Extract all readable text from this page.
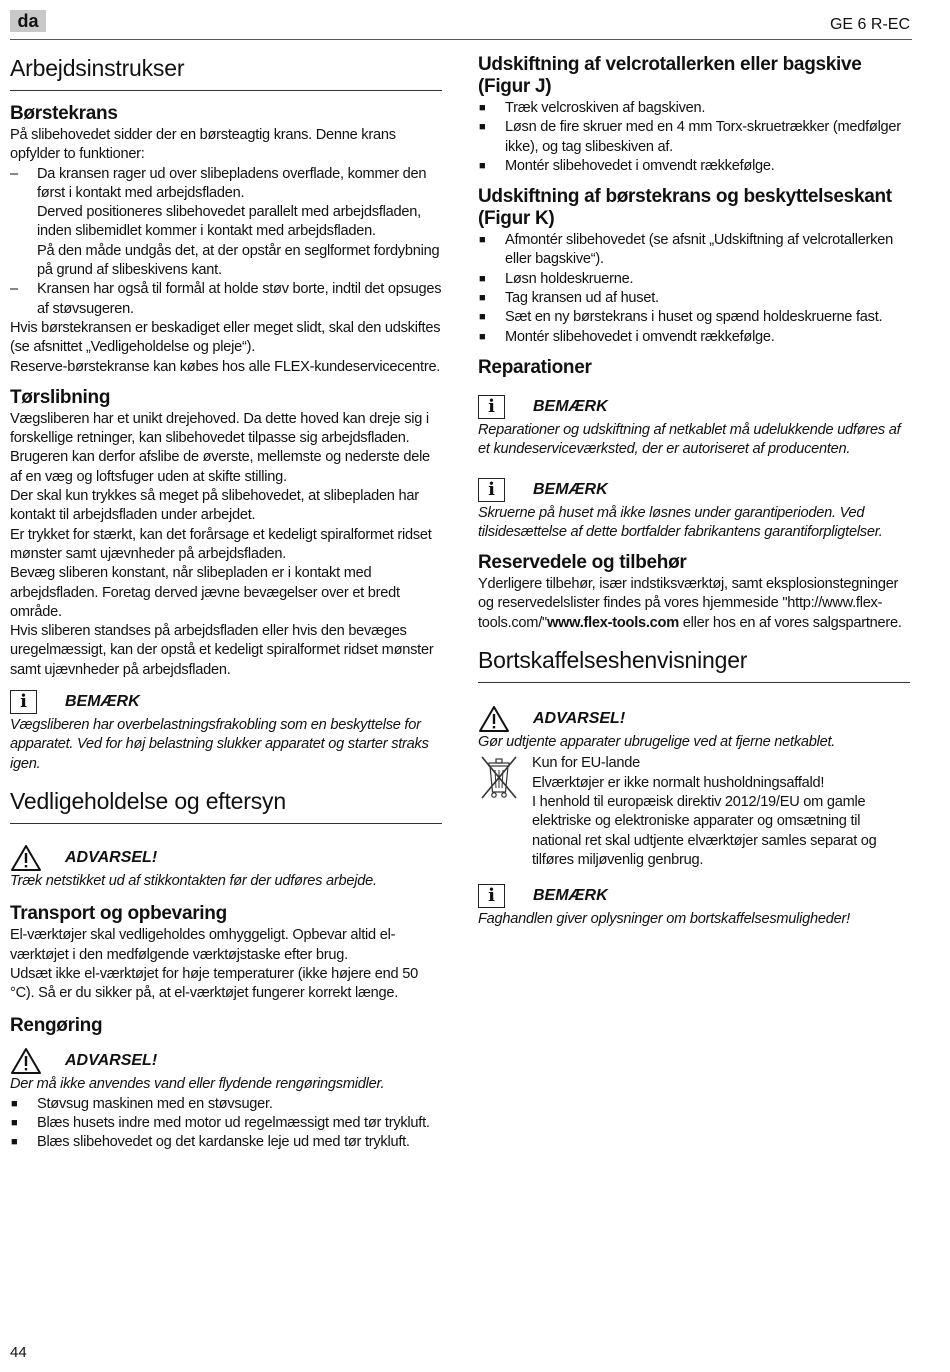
da	GE 6 R-EC
Arbejdsinstrukser
Børstekrans

På slibehovedet sidder der en børsteagtig krans. Denne krans opfylder to funktioner:

– Da kransen rager ud over slibepladens overflade, kommer den først i kontakt med arbejdsfladen.

Derved positioneres slibehovedet parallelt med arbejdsfladen, inden slibemidlet kommer i kontakt med arbejdsfladen.

På den måde undgås det, at der opstår en seglformet fordybning på grund af slibeskivens kant.

– Kransen har også til formål at holde støv borte, indtil det opsuges af støvsugeren.

Hvis børstekransen er beskadiget eller meget slidt, skal den udskiftes (se afsnittet „Vedligeholdelse og pleje“).

Reserve-børstekranse kan købes hos alle FLEX-kundeservicecentre.

Tørslibning

Vægsliberen har et unikt drejehoved. Da dette hoved kan dreje sig i forskellige retninger, kan slibehovedet tilpasse sig arbejdsfladen.

Brugeren kan derfor afslibe de øverste, mellemste og nederste dele af en væg og loftsfuger uden at skifte stilling.

Der skal kun trykkes så meget på slibehovedet, at slibepladen har kontakt til arbejdsfladen under arbejdet.

Er trykket for stærkt, kan det forårsage et kedeligt spiralformet ridset mønster samt ujævnheder på arbejdsfladen.

Bevæg sliberen konstant, når slibepladen er i kontakt med arbejdsfladen. Foretag derved jævne bevægelser over et bredt område.

Hvis sliberen standses på arbejdsfladen eller hvis den bevæges uregelmæssigt, kan der opstå et kedeligt spiralformet ridset mønster samt ujævnheder på arbejdsfladen.

i	BEMÆRK

Vægsliberen har overbelastningsfrakobling som en beskyttelse for apparatet. Ved for høj belastning slukker apparatet og starter straks igen.

Vedligeholdelse og eftersyn
ADVARSEL!

Træk netstikket ud af stikkontakten før der udføres arbejde.

Transport og opbevaring

El-værktøjer skal vedligeholdes omhyggeligt. Opbevar altid el-værktøjet i den medfølgende værktøjstaske efter brug.

Udsæt ikke el-værktøjet for høje temperaturer (ikke højere end 50 °C). Så er du sikker på, at el-værktøjet fungerer korrekt længe.

Rengøring
ADVARSEL!

Der må ikke anvendes vand eller flydende rengøringsmidler.

■ Støvsug maskinen med en støvsuger.

■ Blæs husets indre med motor ud regelmæssigt med tør trykluft.

■ Blæs slibehovedet og det kardanske leje ud med tør trykluft.

Udskiftning af velcrotallerken eller bagskive (Figur J)

■ Træk velcroskiven af bagskiven.

■ Løsn de fire skruer med en 4 mm Torx-skruetrækker (medfølger ikke), og tag slibeskiven af.

■ Montér slibehovedet i omvendt rækkefølge.

Udskiftning af børstekrans og beskyttelseskant (Figur K)

■ Afmontér slibehovedet (se afsnit „Udskiftning af velcrotallerken eller bagskive“).

■ Løsn holdeskruerne.

■ Tag kransen ud af huset.

■ Sæt en ny børstekrans i huset og spænd holdeskruerne fast.

■ Montér slibehovedet i omvendt rækkefølge.

Reparationer
i	BEMÆRK

Reparationer og udskiftning af netkablet må udelukkende udføres af et kundeserviceværksted, der er autoriseret af producenten.

i	BEMÆRK

Skruerne på huset må ikke løsnes under garantiperioden. Ved tilsidesættelse af dette bortfalder fabrikantens garantiforpligtelser.

Reservedele og tilbehør

Yderligere tilbehør, især indstiksværktøj, samt eksplosionstegninger og reservedelslister findes på vores hjemmeside "http://www.flex-tools.com/"www.flex-tools.com eller hos en af vores salgspartnere.

Bortskaffelseshenvisninger
ADVARSEL!

Gør udtjente apparater ubrugelige ved at fjerne netkablet.

Kun for EU-lande

Elværktøjer er ikke normalt husholdningsaffald!

I henhold til europæisk direktiv 2012/19/EU om gamle elektriske og elektroniske apparater og omsætning til national ret skal udtjente elværktøjer samles separat og tilføres miljøvenlig genbrug.

i	BEMÆRK

Faghandlen giver oplysninger om bortskaffelsesmuligheder!

44
